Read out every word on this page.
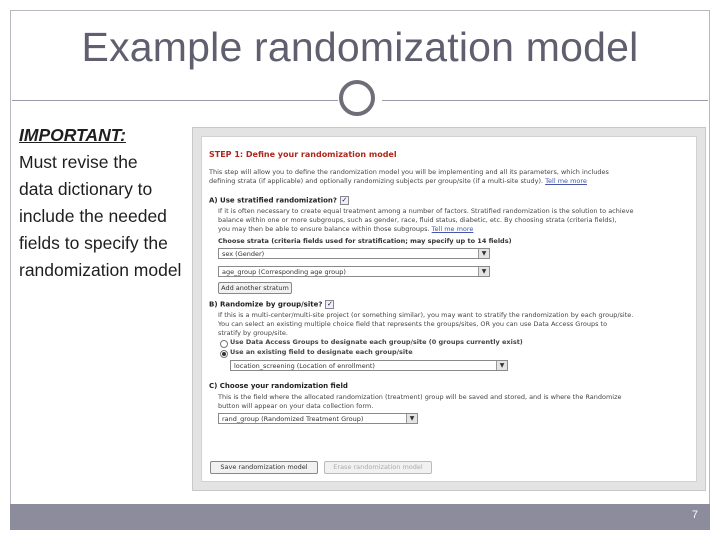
Example randomization model
IMPORTANT:
Must revise the
data dictionary to
include the needed
fields to specify the
randomization model
STEP 1: Define your randomization model
This step will allow you to define the randomization model you will be implementing and all its parameters, which includes
defining strata (if applicable) and optionally randomizing subjects per group/site (if a multi-site study). Tell me more
A) Use stratified randomization? ✓
If it is often necessary to create equal treatment among a number of factors. Stratified randomization is the solution to achieve
balance within one or more subgroups, such as gender, race, fluid status, diabetic, etc. By choosing strata (criteria fields),
you may then be able to ensure balance within those subgroups. Tell me more
Choose strata (criteria fields used for stratification; may specify up to 14 fields)
sex (Gender)	▼
age_group (Corresponding age group)	▼
Add another stratum
B) Randomize by group/site? ✓
If this is a multi-center/multi-site project (or something similar), you may want to stratify the randomization by each group/site.
You can select an existing multiple choice field that represents the groups/sites, OR you can use Data Access Groups to
stratify by group/site.
Use Data Access Groups to designate each group/site (0 groups currently exist)
Use an existing field to designate each group/site
location_screening (Location of enrollment)	▼
C) Choose your randomization field
This is the field where the allocated randomization (treatment) group will be saved and stored, and is where the Randomize
button will appear on your data collection form.
rand_group (Randomized Treatment Group)	▼
Save randomization model	Erase randomization model
7
